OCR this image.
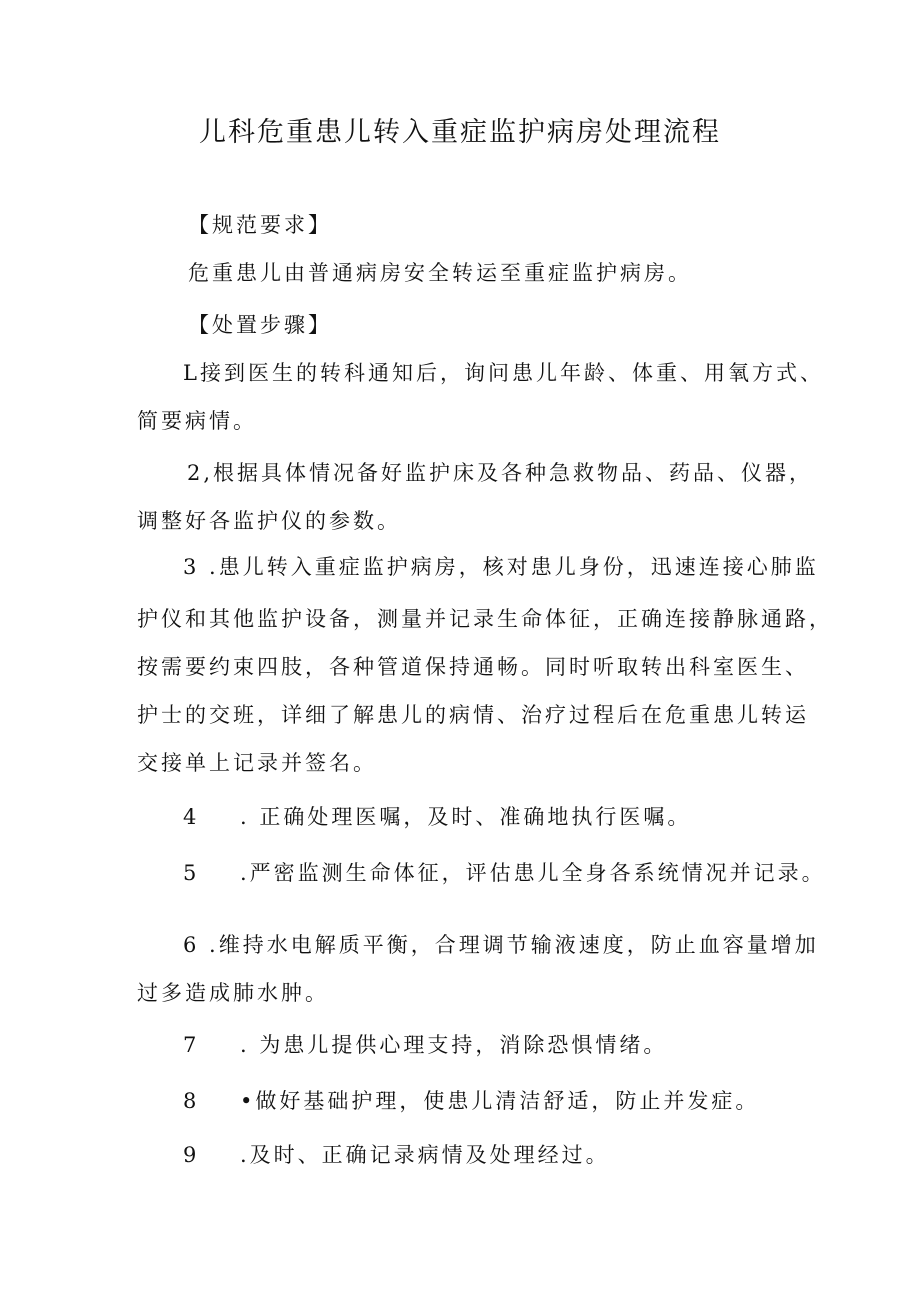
儿科危重患儿转入重症监护病房处理流程
【规范要求】
危重患儿由普通病房安全转运至重症监护病房。
【处置步骤】
L接到医生的转科通知后，询问患儿年龄、体重、用氧方式、
简要病情。
2,根据具体情况备好监护床及各种急救物品、药品、仪器，
调整好各监护仪的参数。
3 .患儿转入重症监护病房，核对患儿身份，迅速连接心肺监
护仪和其他监护设备，测量并记录生命体征，正确连接静脉通路，
按需要约束四肢，各种管道保持通畅。同时听取转出科室医生、
护士的交班，详细了解患儿的病情、治疗过程后在危重患儿转运
交接单上记录并签名。
4 . 正确处理医嘱，及时、准确地执行医嘱。
5 .严密监测生命体征，评估患儿全身各系统情况并记录。
6 .维持水电解质平衡，合理调节输液速度，防止血容量增加
过多造成肺水肿。
7 . 为患儿提供心理支持，消除恐惧情绪。
8 •做好基础护理，使患儿清洁舒适，防止并发症。
9 .及时、正确记录病情及处理经过。
